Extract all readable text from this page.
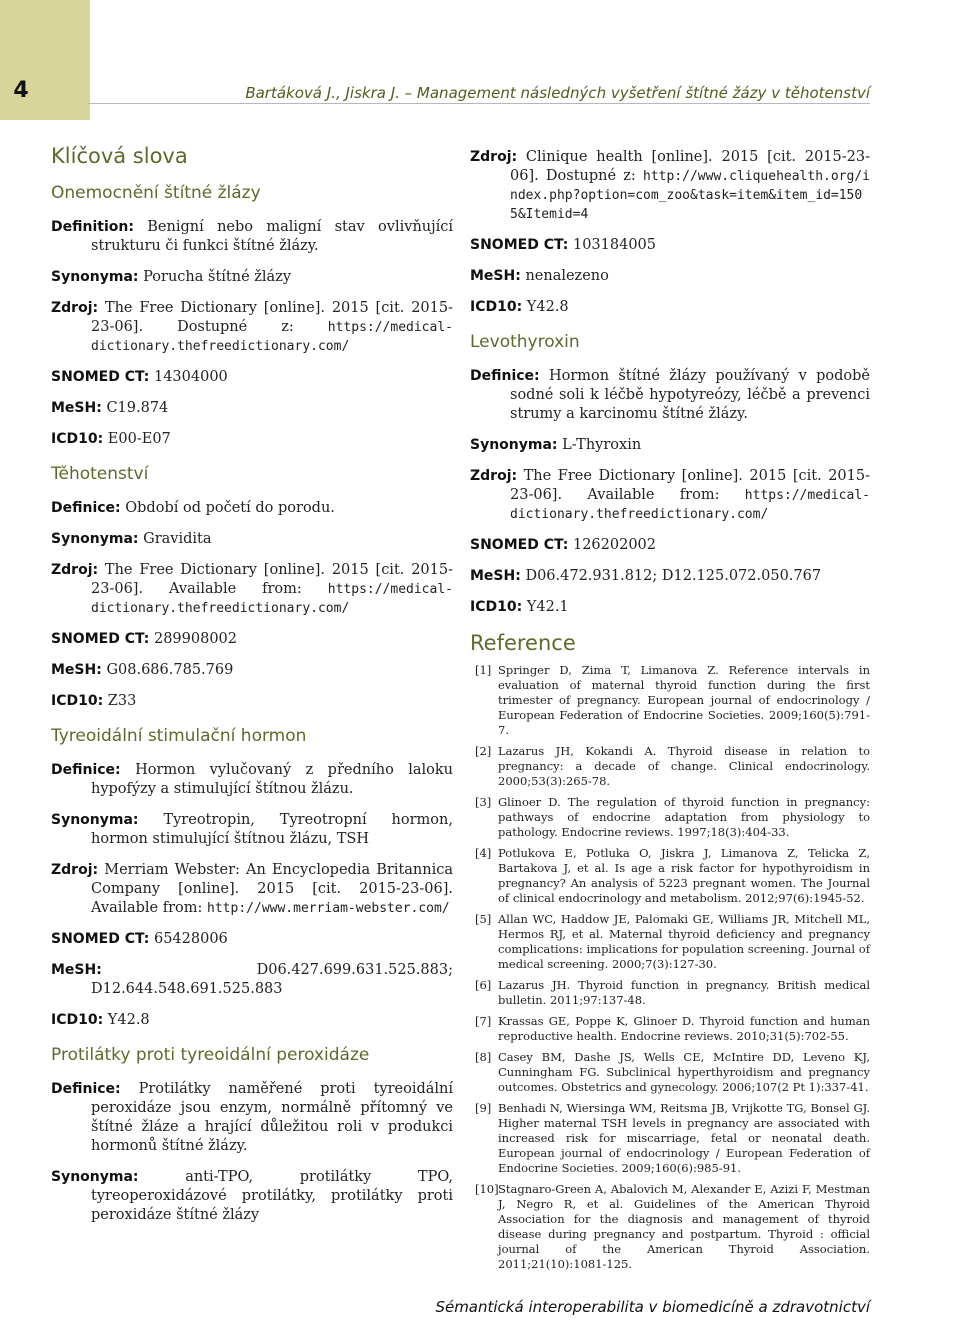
4	Bartáková J., Jiskra J. – Management následných vyšetření štítné žázy v těhotenství
Klíčová slova
Onemocnění štítné žlázy

Definition: Benigní nebo maligní stav ovlivňující strukturu či funkci štítné žlázy.

Synonyma: Porucha štítné žlázy

Zdroj: The Free Dictionary [online]. 2015 [cit. 2015-23-06]. Dostupné z:	https://medical-dictionary.thefreedictionary.com/

SNOMED CT: 14304000

MeSH: C19.874

ICD10: E00-E07

Těhotenství

Definice: Období od početí do porodu.

Synonyma: Gravidita

Zdroj: The Free Dictionary [online]. 2015 [cit. 2015-23-06]. Available from: https://medical-dictionary.thefreedictionary.com/

SNOMED CT: 289908002

MeSH: G08.686.785.769

ICD10: Z33

Tyreoidální stimulační hormon

Definice: Hormon vylučovaný z předního laloku hypofýzy a stimulující štítnou žlázu.

Synonyma: Tyreotropin, Tyreotropní hormon, hormon stimulující štítnou žlázu, TSH

Zdroj: Merriam Webster: An Encyclopedia Britannica Company [online]. 2015 [cit. 2015-23-06]. Available from: http://www.merriam-webster.com/

SNOMED CT: 65428006

MeSH:	D06.427.699.631.525.883; D12.644.548.691.525.883

ICD10: Y42.8

Protilátky proti tyreoidální peroxidáze

Definice: Protilátky naměřené proti tyreoidální peroxidáze jsou enzym, normálně přítomný ve štítné žláze a hrající důležitou roli v produkci hormonů štítné žlázy.

Synonyma:	anti-TPO, protilátky TPO, tyreoperoxidázové protilátky, protilátky proti peroxidáze štítné žlázy

Zdroj: Clinique health [online]. 2015 [cit. 2015-23-06]. Dostupné z: http://www.cliquehealth.org/index.php?option=com_zoo&task=item&item_id=1505&Itemid=4

SNOMED CT: 103184005

MeSH: nenalezeno

ICD10: Y42.8

Levothyroxin

Definice: Hormon štítné žlázy používaný v podobě sodné soli k léčbě hypotyreózy, léčbě a prevenci strumy a karcinomu štítné žlázy.

Synonyma: L-Thyroxin

Zdroj: The Free Dictionary [online]. 2015 [cit. 2015-23-06]. Available from: https://medical-dictionary.thefreedictionary.com/

SNOMED CT: 126202002

MeSH: D06.472.931.812; D12.125.072.050.767

ICD10: Y42.1

Reference
[1] Springer D, Zima T, Limanova Z. Reference intervals in evaluation of maternal thyroid function during the first trimester of pregnancy. European journal of endocrinology / European Federation of Endocrine Societies. 2009;160(5):791-7.
[2] Lazarus JH, Kokandi A. Thyroid disease in relation to pregnancy: a decade of change. Clinical endocrinology. 2000;53(3):265-78.
[3] Glinoer D. The regulation of thyroid function in pregnancy: pathways of endocrine adaptation from physiology to pathology. Endocrine reviews. 1997;18(3):404-33.
[4] Potlukova E, Potluka O, Jiskra J, Limanova Z, Telicka Z, Bartakova J, et al. Is age a risk factor for hypothyroidism in pregnancy? An analysis of 5223 pregnant women. The Journal of clinical endocrinology and metabolism. 2012;97(6):1945-52.
[5] Allan WC, Haddow JE, Palomaki GE, Williams JR, Mitchell ML, Hermos RJ, et al. Maternal thyroid deficiency and pregnancy complications: implications for population screening. Journal of medical screening. 2000;7(3):127-30.
[6] Lazarus JH. Thyroid function in pregnancy. British medical bulletin. 2011;97:137-48.
[7] Krassas GE, Poppe K, Glinoer D. Thyroid function and human reproductive health. Endocrine reviews. 2010;31(5):702-55.
[8] Casey BM, Dashe JS, Wells CE, McIntire DD, Leveno KJ, Cunningham FG. Subclinical hyperthyroidism and pregnancy outcomes. Obstetrics and gynecology. 2006;107(2 Pt 1):337-41.
[9] Benhadi N, Wiersinga WM, Reitsma JB, Vrijkotte TG, Bonsel GJ. Higher maternal TSH levels in pregnancy are associated with increased risk for miscarriage, fetal or neonatal death. European journal of endocrinology / European Federation of Endocrine Societies. 2009;160(6):985-91.
[10] Stagnaro-Green A, Abalovich M, Alexander E, Azizi F, Mestman J, Negro R, et al. Guidelines of the American Thyroid Association for the diagnosis and management of thyroid disease during pregnancy and postpartum. Thyroid : official journal of the American Thyroid Association. 2011;21(10):1081-125.
Sémantická interoperabilita v biomedicíně a zdravotnictví
